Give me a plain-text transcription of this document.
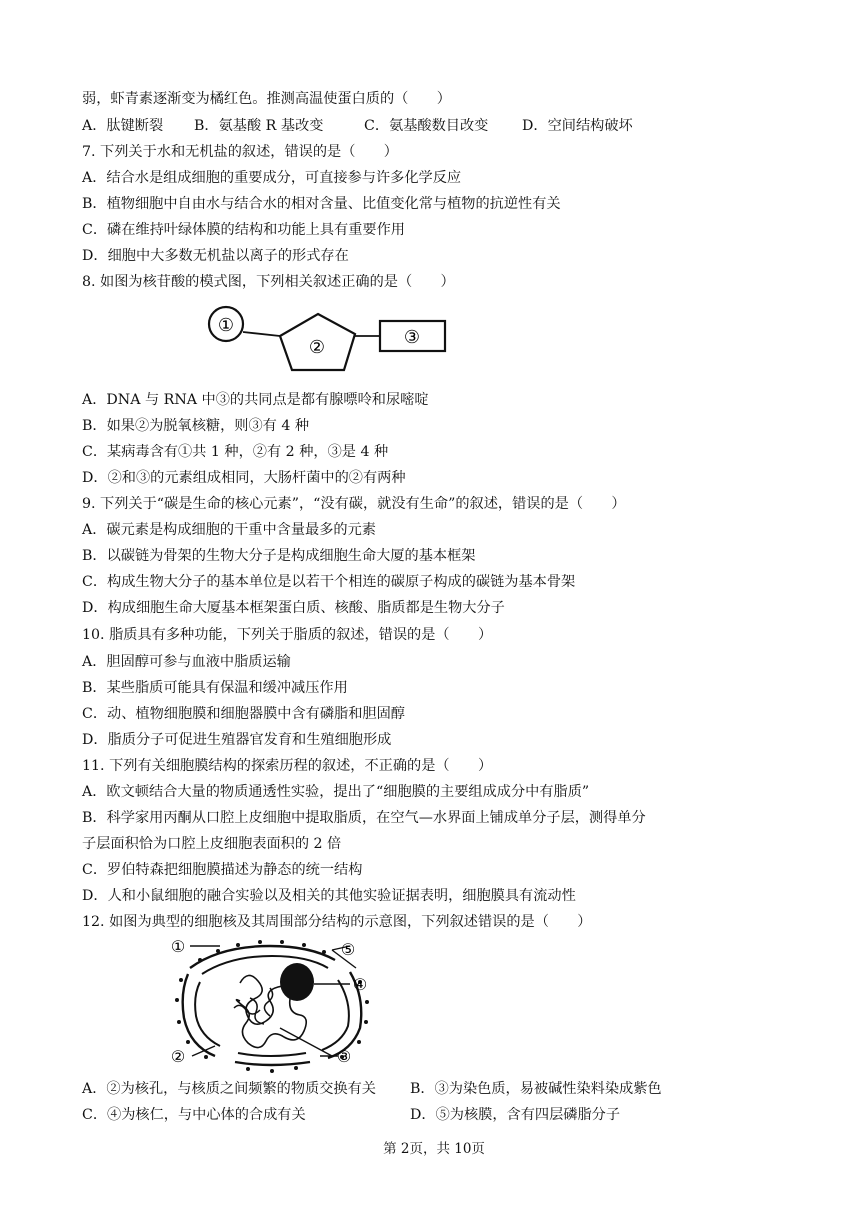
弱，虾青素逐渐变为橘红色。推测高温使蛋白质的（　　）
A．肽键断裂 B．氨基酸 R 基改变	C．氨基酸数目改变 D．空间结构破坏
7. 下列关于水和无机盐的叙述，错误的是（　　）
A．结合水是组成细胞的重要成分，可直接参与许多化学反应
B．植物细胞中自由水与结合水的相对含量、比值变化常与植物的抗逆性有关
C．磷在维持叶绿体膜的结构和功能上具有重要作用
D．细胞中大多数无机盐以离子的形式存在
8. 如图为核苷酸的模式图，下列相关叙述正确的是（　　）
①
②	③
A．DNA 与 RNA 中③的共同点是都有腺嘌呤和尿嘧啶
B．如果②为脱氧核糖，则③有 4 种
C．某病毒含有①共 1 种，②有 2 种，③是 4 种
D．②和③的元素组成相同，大肠杆菌中的②有两种
9. 下列关于“碳是生命的核心元素”，“没有碳，就没有生命”的叙述，错误的是（　　）
A．碳元素是构成细胞的干重中含量最多的元素
B．以碳链为骨架的生物大分子是构成细胞生命大厦的基本框架
C．构成生物大分子的基本单位是以若干个相连的碳原子构成的碳链为基本骨架
D．构成细胞生命大厦基本框架蛋白质、核酸、脂质都是生物大分子
10. 脂质具有多种功能，下列关于脂质的叙述，错误的是（　　）
A．胆固醇可参与血液中脂质运输
B．某些脂质可能具有保温和缓冲减压作用
C．动、植物细胞膜和细胞器膜中含有磷脂和胆固醇
D．脂质分子可促进生殖器官发育和生殖细胞形成
11. 下列有关细胞膜结构的探索历程的叙述，不正确的是（　　）
A．欧文顿结合大量的物质通透性实验，提出了“细胞膜的主要组成成分中有脂质”
B．科学家用丙酮从口腔上皮细胞中提取脂质，在空气—水界面上铺成单分子层，测得单分
子层面积恰为口腔上皮细胞表面积的 2 倍
C．罗伯特森把细胞膜描述为静态的统一结构
D．人和小鼠细胞的融合实验以及相关的其他实验证据表明，细胞膜具有流动性
12. 如图为典型的细胞核及其周围部分结构的示意图，下列叙述错误的是（　　）
①	⑤
④
②	③
A．②为核孔，与核质之间频繁的物质交换有关 B．③为染色质，易被碱性染料染成紫色
C．④为核仁，与中心体的合成有关	D．⑤为核膜，含有四层磷脂分子
第 2页，共 10页
